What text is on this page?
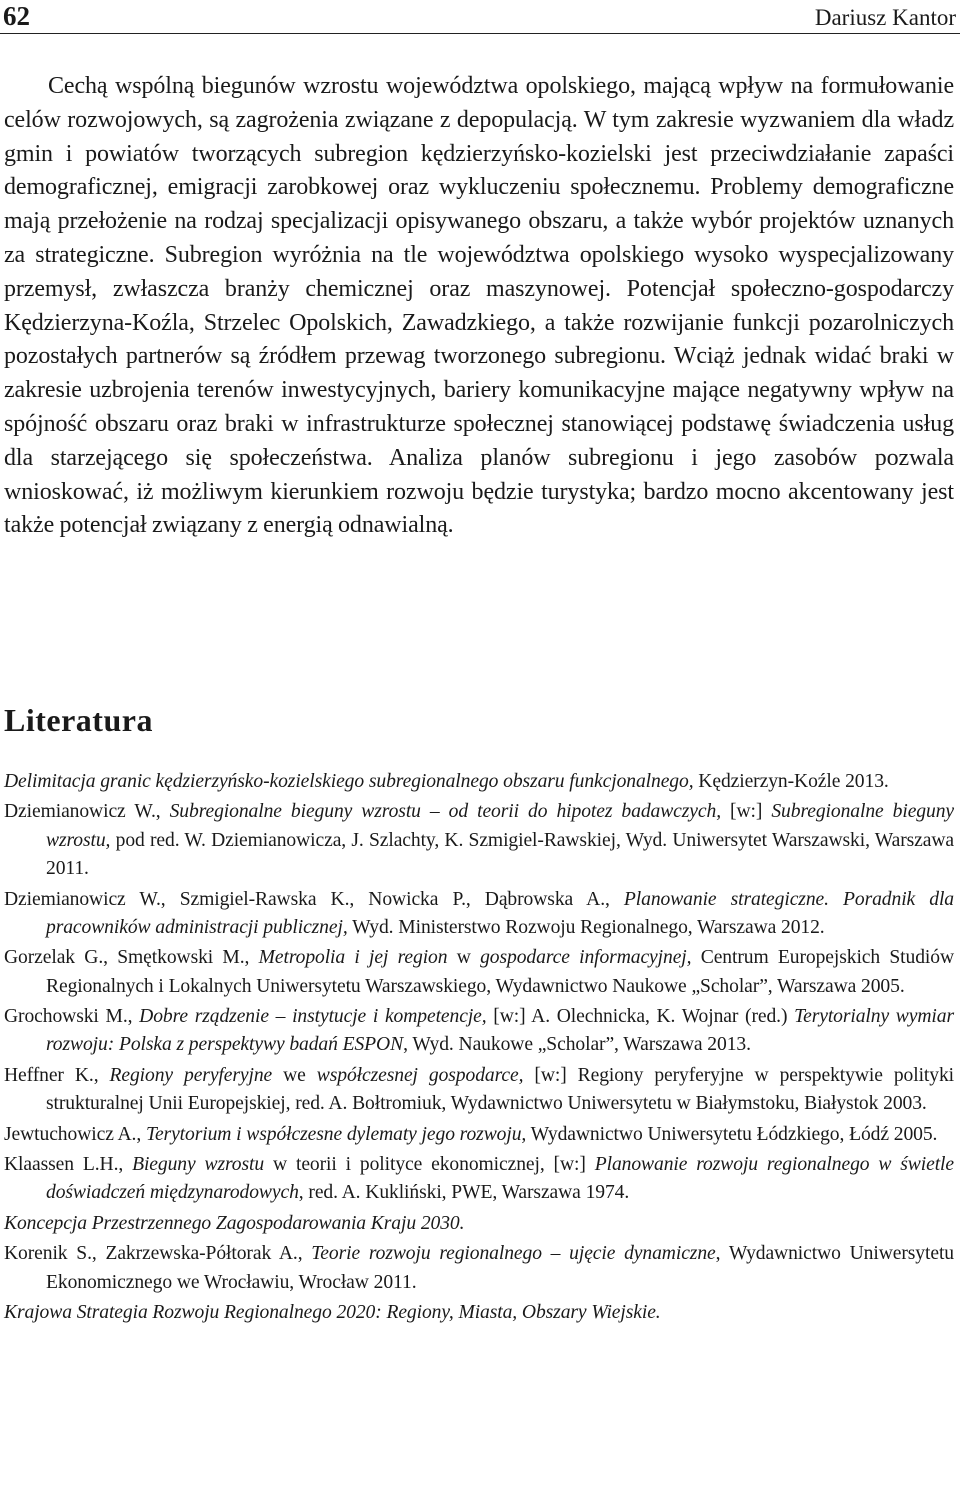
62	Dariusz Kantor

Cechą wspólną biegunów wzrostu województwa opolskiego, mającą wpływ na formułowanie celów rozwojowych, są zagrożenia związane z depopulacją. W tym zakresie wyzwaniem dla władz gmin i powiatów tworzących subregion kędzierzyńsko-kozielski jest przeciwdziałanie zapaści demograficznej, emigracji zarobkowej oraz wykluczeniu społecznemu. Problemy demograficzne mają przełożenie na rodzaj specjalizacji opisywanego obszaru, a także wybór projektów uznanych za strategiczne. Subregion wyróżnia na tle województwa opolskiego wysoko wyspecjalizowany przemysł, zwłaszcza branży chemicznej oraz maszynowej. Potencjał społeczno-gospodarczy Kędzierzyna-Koźla, Strzelec Opolskich, Zawadzkiego, a także rozwijanie funkcji pozarolniczych pozostałych partnerów są źródłem przewag tworzonego subregionu. Wciąż jednak widać braki w zakresie uzbrojenia terenów inwestycyjnych, bariery komunikacyjne mające negatywny wpływ na spójność obszaru oraz braki w infrastrukturze społecznej stanowiącej podstawę świadczenia usług dla starzejącego się społeczeństwa. Analiza planów subregionu i jego zasobów pozwala wnioskować, iż możliwym kierunkiem rozwoju będzie turystyka; bardzo mocno akcentowany jest także potencjał związany z energią odnawialną.

Literatura
Delimitacja granic kędzierzyńsko-kozielskiego subregionalnego obszaru funkcjonalnego, Kędzierzyn-Koźle 2013.
Dziemianowicz W., Subregionalne bieguny wzrostu – od teorii do hipotez badawczych, [w:] Subregionalne bieguny wzrostu, pod red. W. Dziemianowicza, J. Szlachty, K. Szmigiel-Rawskiej, Wyd. Uniwersytet Warszawski, Warszawa 2011.
Dziemianowicz W., Szmigiel-Rawska K., Nowicka P., Dąbrowska A., Planowanie strategiczne. Poradnik dla pracowników administracji publicznej, Wyd. Ministerstwo Rozwoju Regionalnego, Warszawa 2012.
Gorzelak G., Smętkowski M., Metropolia i jej region w gospodarce informacyjnej, Centrum Europejskich Studiów Regionalnych i Lokalnych Uniwersytetu Warszawskiego, Wydawnictwo Naukowe „Scholar”, Warszawa 2005.
Grochowski M., Dobre rządzenie – instytucje i kompetencje, [w:] A. Olechnicka, K. Wojnar (red.) Terytorialny wymiar rozwoju: Polska z perspektywy badań ESPON, Wyd. Naukowe „Scholar”, Warszawa 2013.
Heffner K., Regiony peryferyjne we współczesnej gospodarce, [w:] Regiony peryferyjne w perspektywie polityki strukturalnej Unii Europejskiej, red. A. Bołtromiuk, Wydawnictwo Uniwersytetu w Białymstoku, Białystok 2003.
Jewtuchowicz A., Terytorium i współczesne dylematy jego rozwoju, Wydawnictwo Uniwersytetu Łódzkiego, Łódź 2005.
Klaassen L.H., Bieguny wzrostu w teorii i polityce ekonomicznej, [w:] Planowanie rozwoju regionalnego w świetle doświadczeń międzynarodowych, red. A. Kukliński, PWE, Warszawa 1974.
Koncepcja Przestrzennego Zagospodarowania Kraju 2030.
Korenik S., Zakrzewska-Półtorak A., Teorie rozwoju regionalnego – ujęcie dynamiczne, Wydawnictwo Uniwersytetu Ekonomicznego we Wrocławiu, Wrocław 2011.
Krajowa Strategia Rozwoju Regionalnego 2020: Regiony, Miasta, Obszary Wiejskie.
